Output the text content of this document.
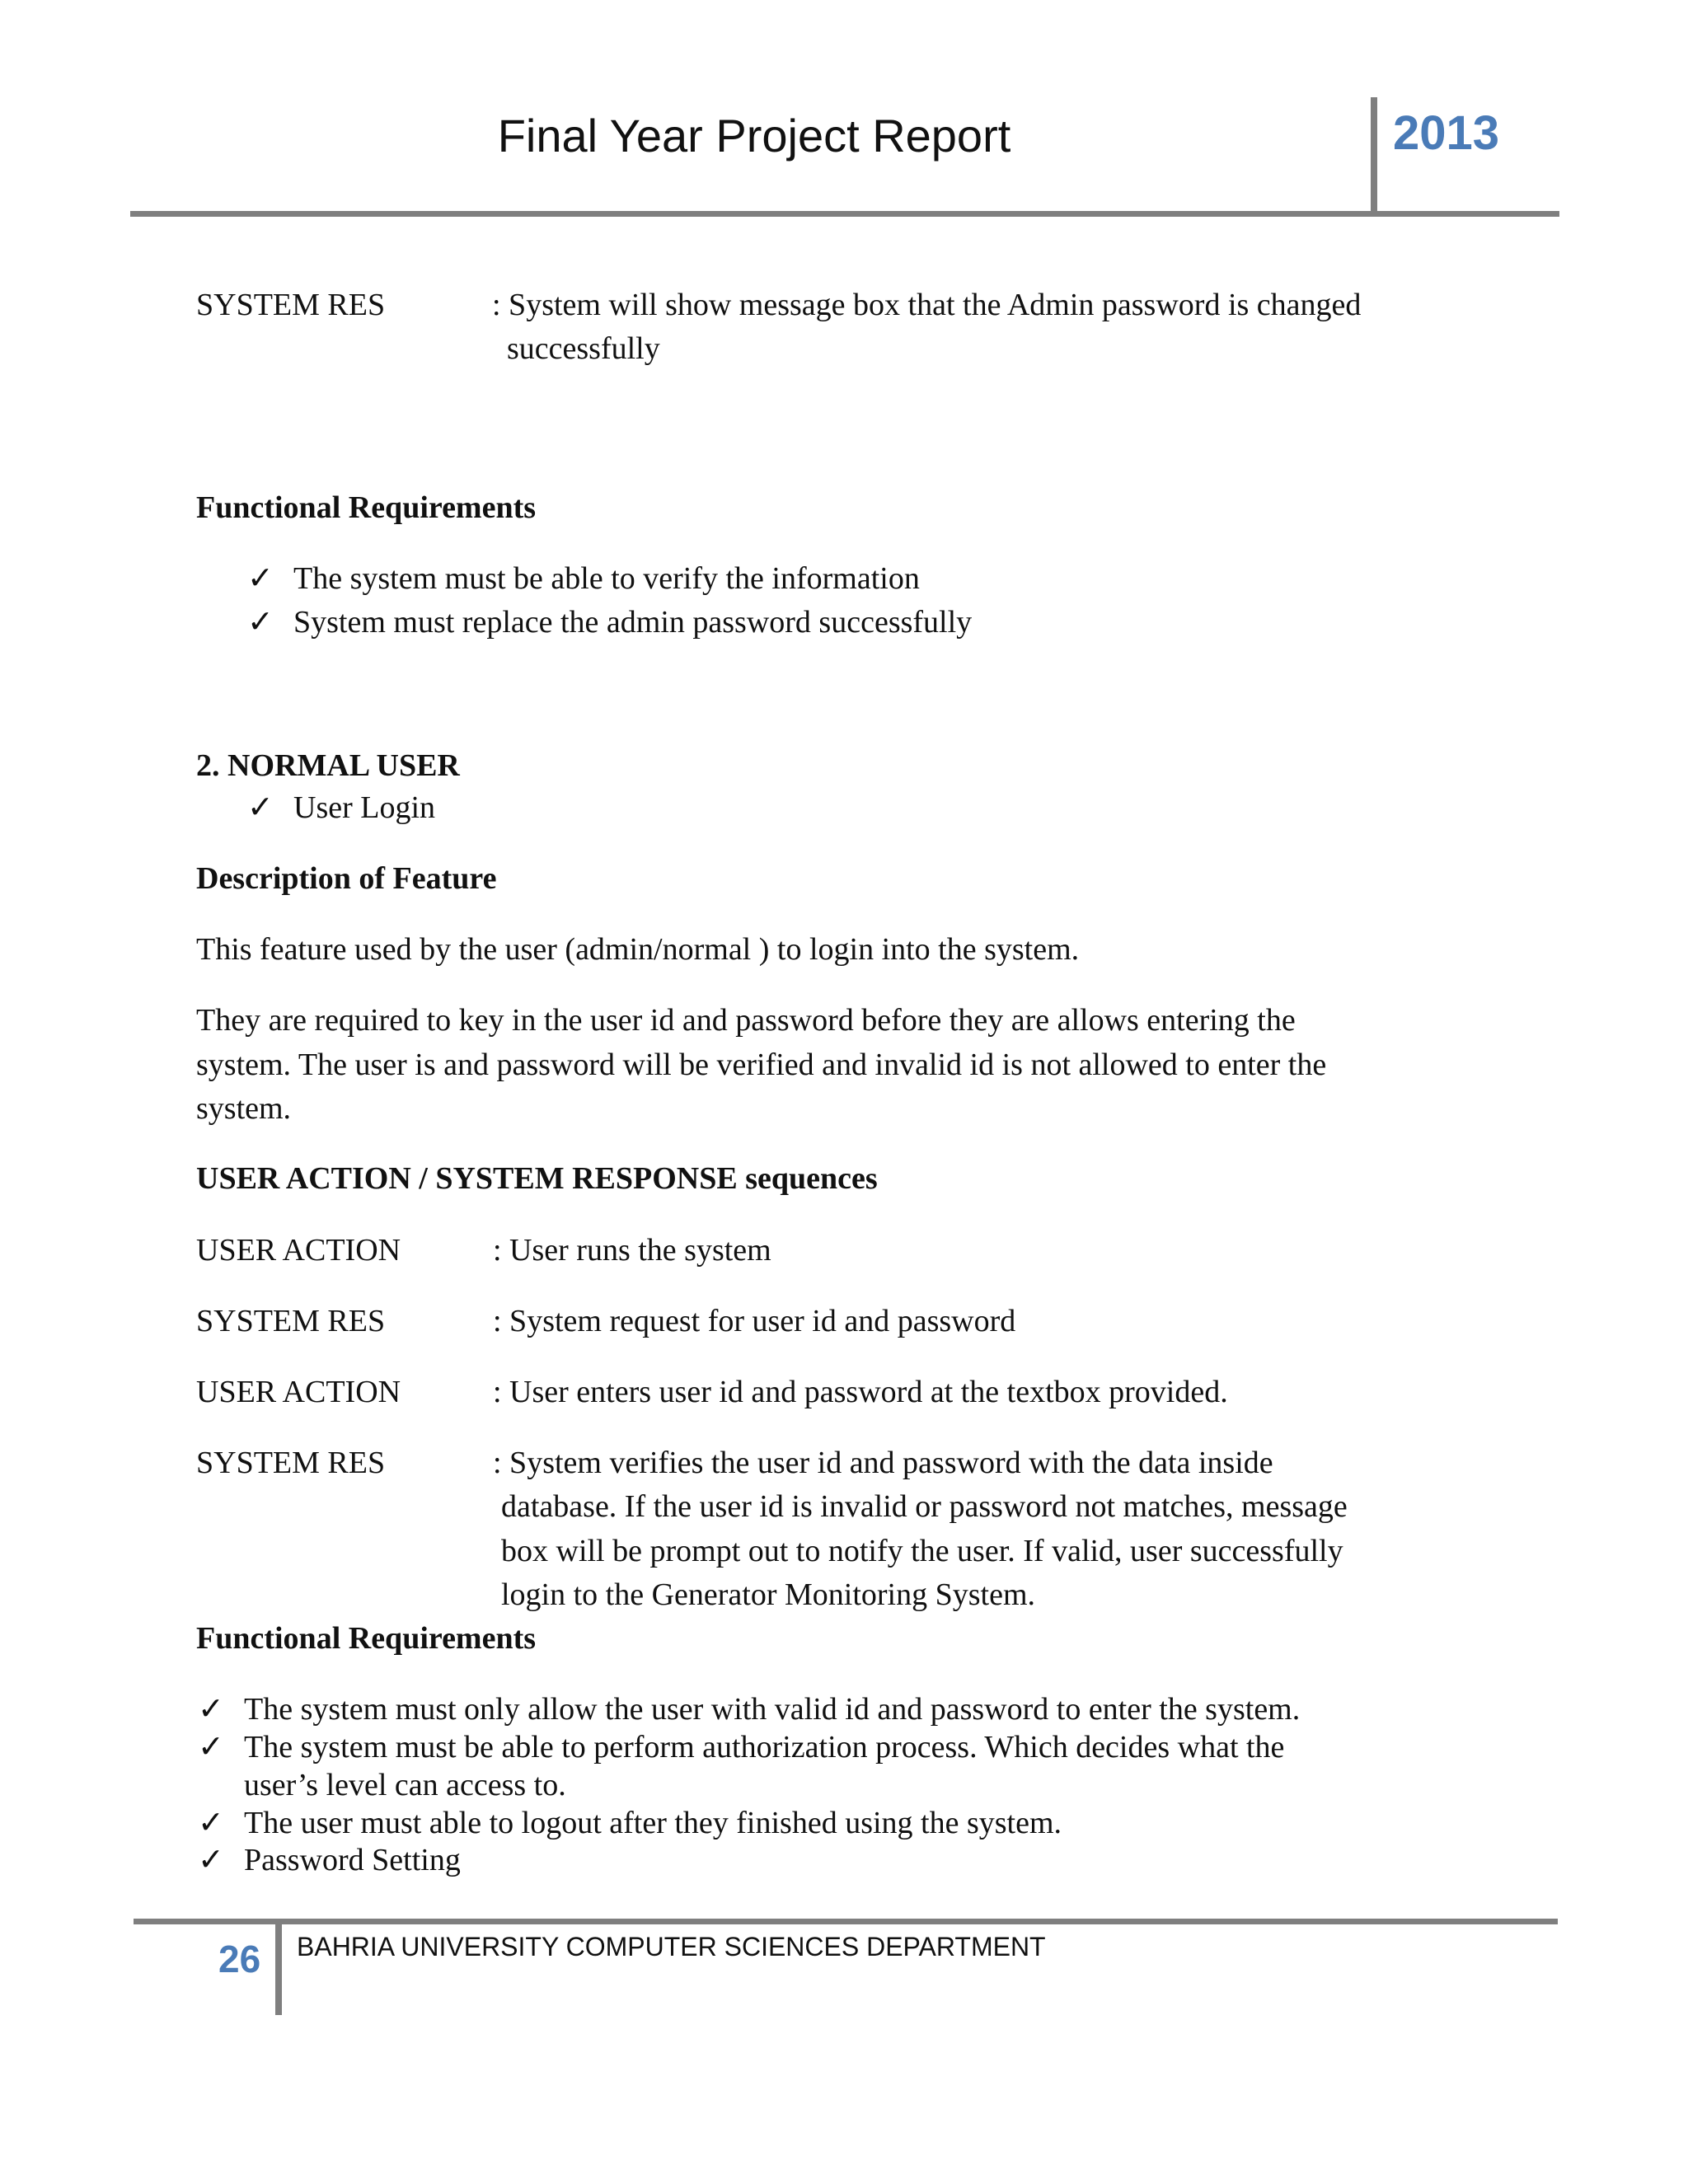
Final Year Project Report	2013
SYSTEM RES	: System will show message box that the Admin password is changed
successfully
Functional Requirements
✓ The system must be able to verify the information
✓ System must replace the admin password successfully
2. NORMAL USER
✓ User Login
Description of Feature
This feature used by the user (admin/normal ) to login into the system.
They are required to key in the user id and password before they are allows entering the
system. The user is and password will be verified and invalid id is not allowed to enter the
system.
USER ACTION / SYSTEM RESPONSE sequences
USER ACTION	: User runs the system
SYSTEM RES	: System request for user id and password
USER ACTION	: User enters user id and password at the textbox provided.
SYSTEM RES	: System verifies the user id and password with the data inside
database. If the user id is invalid or password not matches, message
box will be prompt out to notify the user. If valid, user successfully
login to the Generator Monitoring System.
Functional Requirements
✓ The system must only allow the user with valid id and password to enter the system.
✓ The system must be able to perform authorization process. Which decides what the
user’s level can access to.
✓ The user must able to logout after they finished using the system.
✓ Password Setting
26 BAHRIA UNIVERSITY COMPUTER SCIENCES DEPARTMENT
